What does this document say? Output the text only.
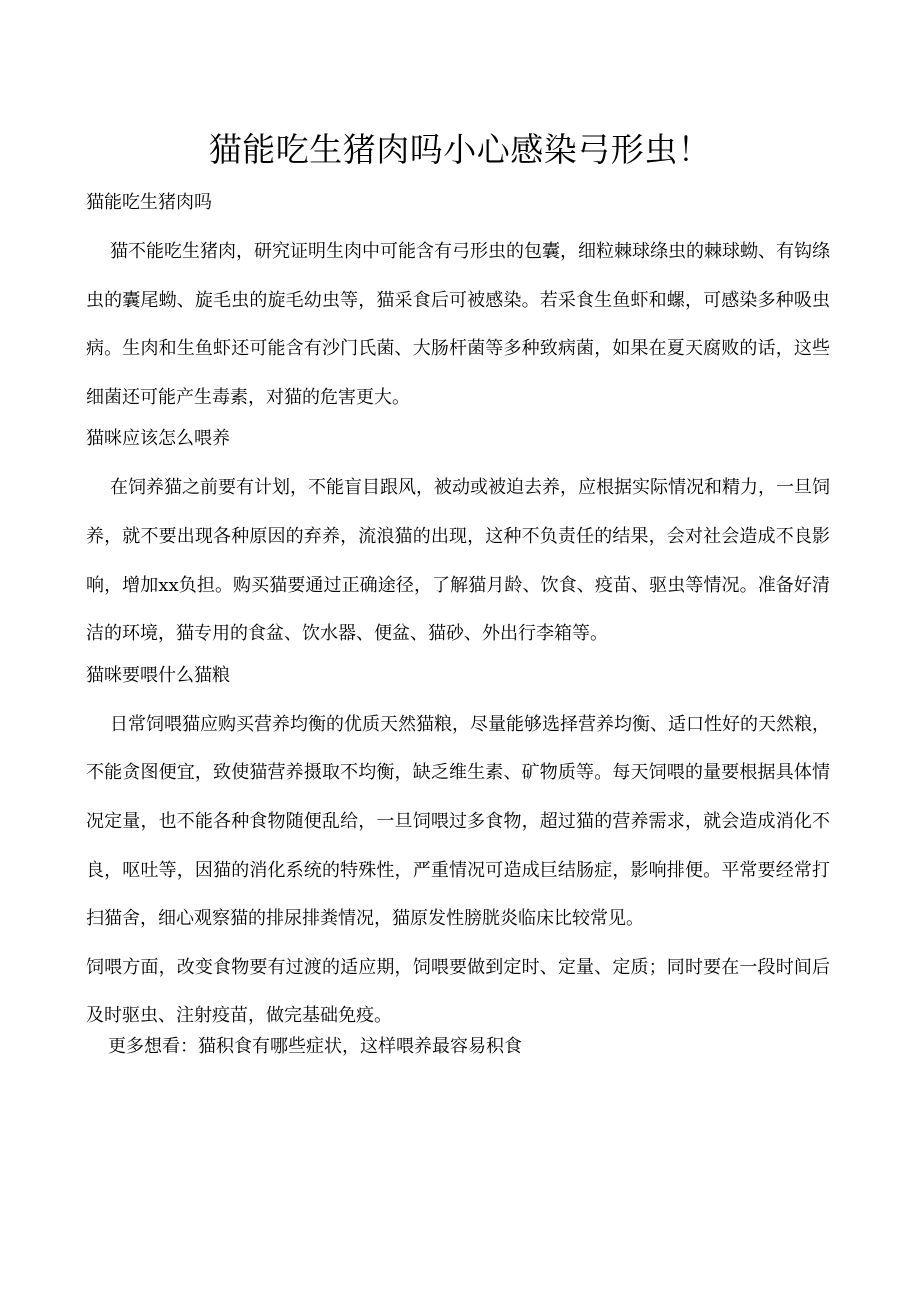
猫能吃生猪肉吗小心感染弓形虫！
猫能吃生猪肉吗

猫不能吃生猪肉，研究证明生肉中可能含有弓形虫的包囊，细粒棘球绦虫的棘球蚴、有钩绦虫的囊尾蚴、旋毛虫的旋毛幼虫等，猫采食后可被感染。若采食生鱼虾和螺，可感染多种吸虫病。生肉和生鱼虾还可能含有沙门氏菌、大肠杆菌等多种致病菌，如果在夏天腐败的话，这些细菌还可能产生毒素，对猫的危害更大。

猫咪应该怎么喂养

在饲养猫之前要有计划，不能盲目跟风，被动或被迫去养，应根据实际情况和精力，一旦饲养，就不要出现各种原因的弃养，流浪猫的出现，这种不负责任的结果，会对社会造成不良影响，增加xx负担。购买猫要通过正确途径，了解猫月龄、饮食、疫苗、驱虫等情况。准备好清洁的环境，猫专用的食盆、饮水器、便盆、猫砂、外出行李箱等。

猫咪要喂什么猫粮

日常饲喂猫应购买营养均衡的优质天然猫粮，尽量能够选择营养均衡、适口性好的天然粮，不能贪图便宜，致使猫营养摄取不均衡，缺乏维生素、矿物质等。每天饲喂的量要根据具体情况定量，也不能各种食物随便乱给，一旦饲喂过多食物，超过猫的营养需求，就会造成消化不良，呕吐等，因猫的消化系统的特殊性，严重情况可造成巨结肠症，影响排便。平常要经常打扫猫舍，细心观察猫的排尿排粪情况，猫原发性膀胱炎临床比较常见。

饲喂方面，改变食物要有过渡的适应期，饲喂要做到定时、定量、定质；同时要在一段时间后及时驱虫、注射疫苗，做完基础免疫。

更多想看：猫积食有哪些症状，这样喂养最容易积食
